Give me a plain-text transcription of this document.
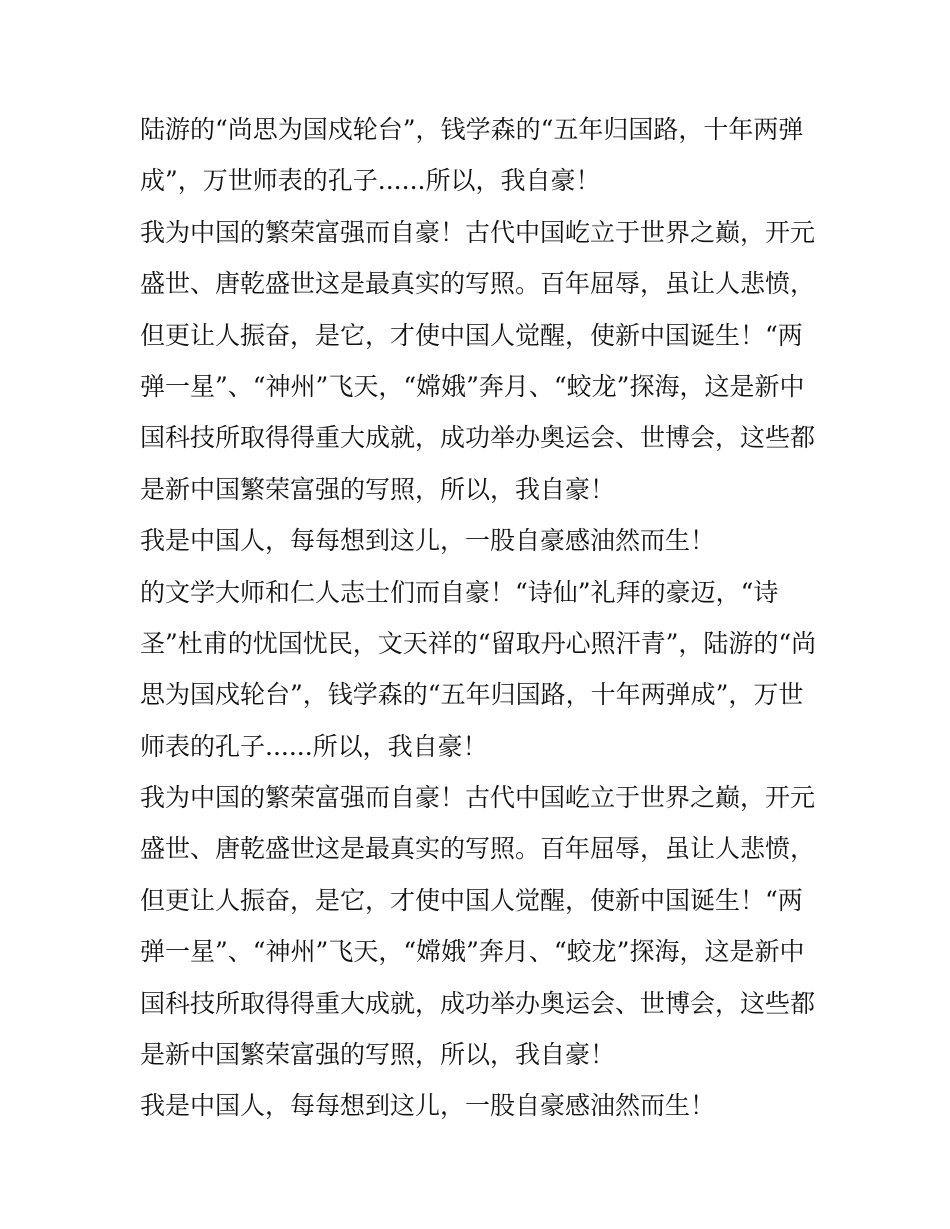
陆游的“尚思为国戍轮台”，钱学森的“五年归国路，十年两弹
成”，万世师表的孔子......所以，我自豪！
我为中国的繁荣富强而自豪！古代中国屹立于世界之巅，开元
盛世、唐乾盛世这是最真实的写照。百年屈辱，虽让人悲愤，
但更让人振奋，是它，才使中国人觉醒，使新中国诞生！“两
弹一星”、“神州”飞天，“嫦娥”奔月、“蛟龙”探海，这是新中
国科技所取得得重大成就，成功举办奥运会、世博会，这些都
是新中国繁荣富强的写照，所以，我自豪！
我是中国人，每每想到这儿，一股自豪感油然而生！
的文学大师和仁人志士们而自豪！“诗仙”礼拜的豪迈，“诗
圣”杜甫的忧国忧民，文天祥的“留取丹心照汗青”，陆游的“尚
思为国戍轮台”，钱学森的“五年归国路，十年两弹成”，万世
师表的孔子......所以，我自豪！
我为中国的繁荣富强而自豪！古代中国屹立于世界之巅，开元
盛世、唐乾盛世这是最真实的写照。百年屈辱，虽让人悲愤，
但更让人振奋，是它，才使中国人觉醒，使新中国诞生！“两
弹一星”、“神州”飞天，“嫦娥”奔月、“蛟龙”探海，这是新中
国科技所取得得重大成就，成功举办奥运会、世博会，这些都
是新中国繁荣富强的写照，所以，我自豪！
我是中国人，每每想到这儿，一股自豪感油然而生！
